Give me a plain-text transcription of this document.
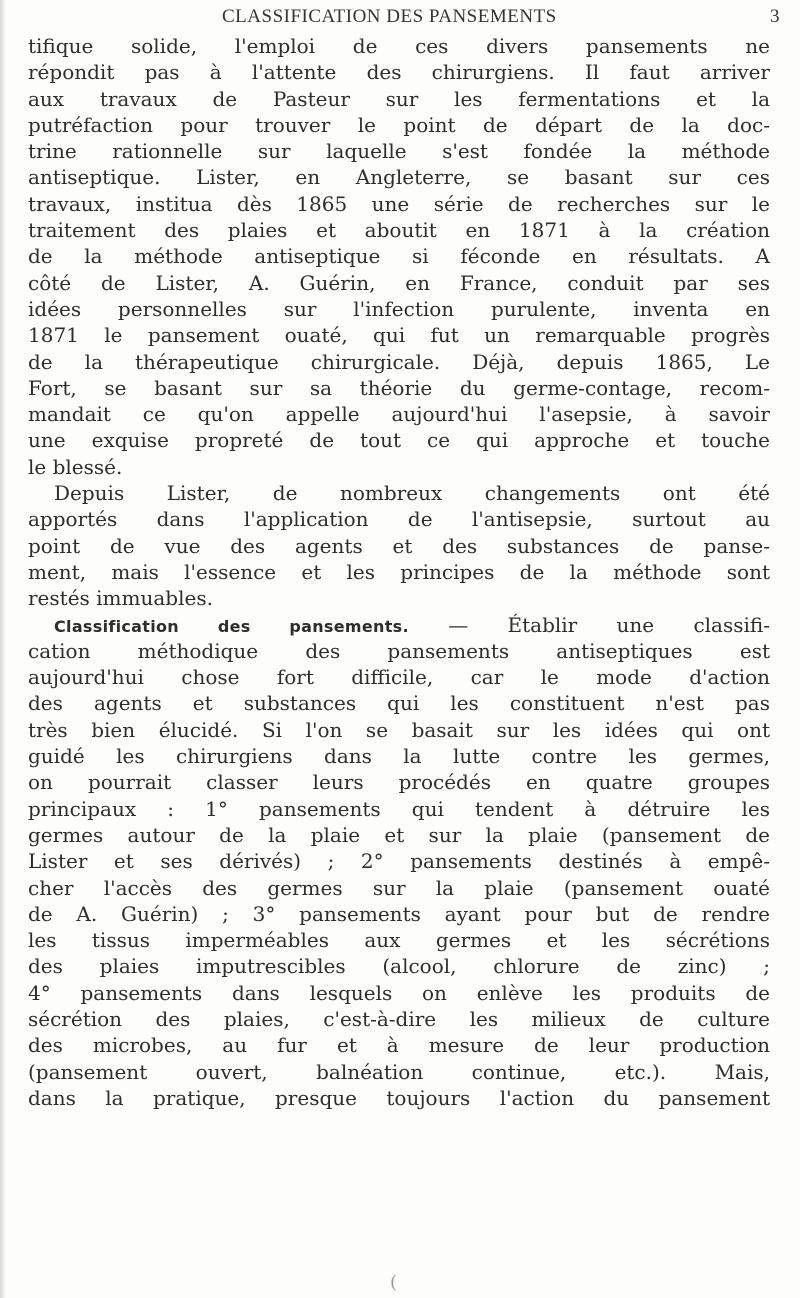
CLASSIFICATION DES PANSEMENTS	3
tifique solide, l'emploi de ces divers pansements ne
répondit pas à l'attente des chirurgiens. Il faut arriver
aux travaux de Pasteur sur les fermentations et la
putréfaction pour trouver le point de départ de la doc-
trine rationnelle sur laquelle s'est fondée la méthode
antiseptique. Lister, en Angleterre, se basant sur ces
travaux, institua dès 1865 une série de recherches sur le
traitement des plaies et aboutit en 1871 à la création
de la méthode antiseptique si féconde en résultats. A
côté de Lister, A. Guérin, en France, conduit par ses
idées personnelles sur l'infection purulente, inventa en
1871 le pansement ouaté, qui fut un remarquable progrès
de la thérapeutique chirurgicale. Déjà, depuis 1865, Le
Fort, se basant sur sa théorie du germe-contage, recom-
mandait ce qu'on appelle aujourd'hui l'asepsie, à savoir
une exquise propreté de tout ce qui approche et touche
le blessé.
Depuis Lister, de nombreux changements ont été
apportés dans l'application de l'antisepsie, surtout au
point de vue des agents et des substances de panse-
ment, mais l'essence et les principes de la méthode sont
restés immuables.
Classification des pansements. — Établir une classifi-
cation méthodique des pansements antiseptiques est
aujourd'hui chose fort difficile, car le mode d'action
des agents et substances qui les constituent n'est pas
très bien élucidé. Si l'on se basait sur les idées qui ont
guidé les chirurgiens dans la lutte contre les germes,
on pourrait classer leurs procédés en quatre groupes
principaux : 1° pansements qui tendent à détruire les
germes autour de la plaie et sur la plaie (pansement de
Lister et ses dérivés) ; 2° pansements destinés à empê-
cher l'accès des germes sur la plaie (pansement ouaté
de A. Guérin) ; 3° pansements ayant pour but de rendre
les tissus imperméables aux germes et les sécrétions
des plaies imputrescibles (alcool, chlorure de zinc) ;
4° pansements dans lesquels on enlève les produits de
sécrétion des plaies, c'est-à-dire les milieux de culture
des microbes, au fur et à mesure de leur production
(pansement ouvert, balnéation continue, etc.). Mais,
dans la pratique, presque toujours l'action du pansement
(
